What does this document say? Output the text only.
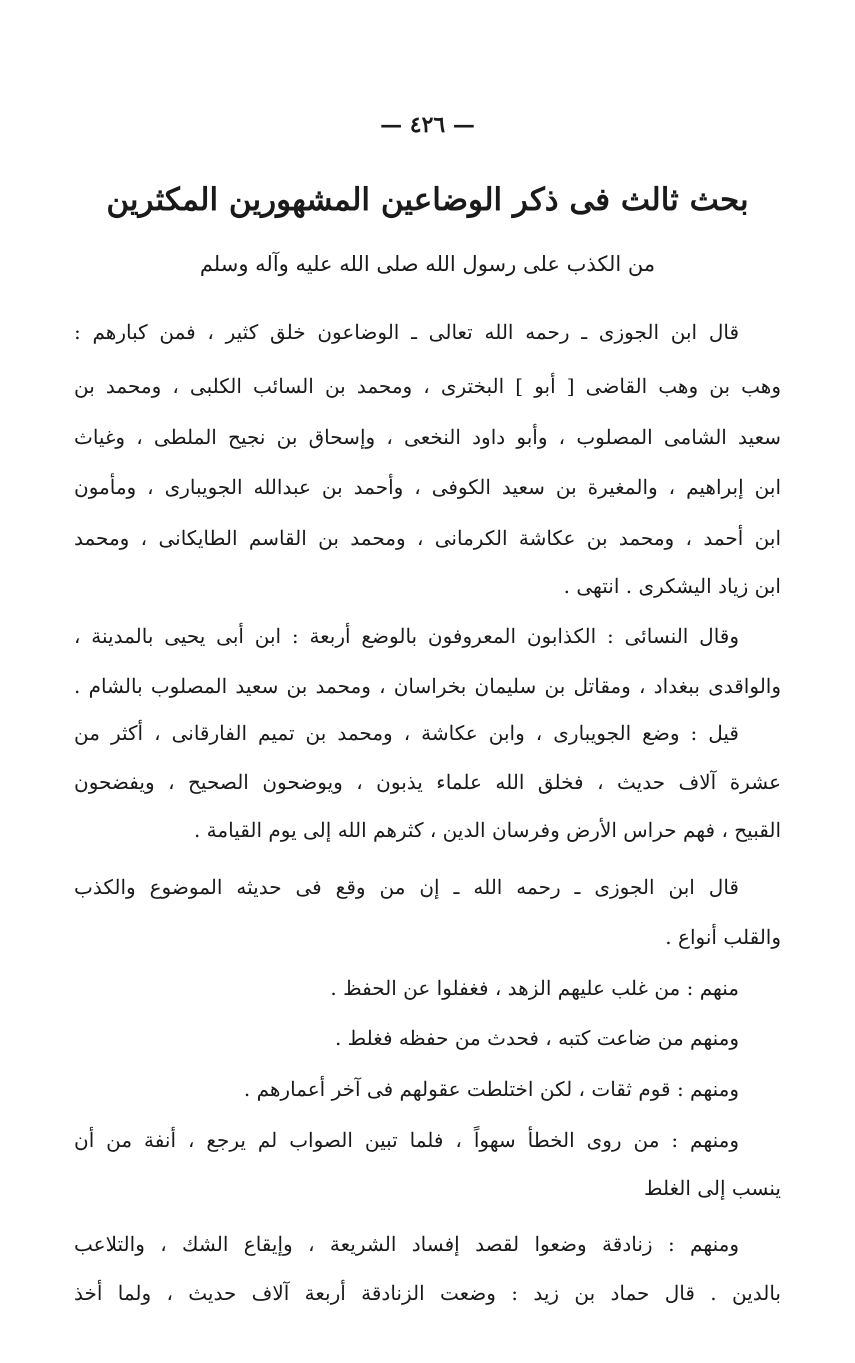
— ٤٢٦ —
بحث ثالث فى ذكر الوضاعين المشهورين المكثرين
من الكذب على رسول الله صلى الله عليه وآله وسلم
قال ابن الجوزى ـ رحمه الله تعالى ـ الوضاعون خلق كثير ، فمن كبارهم :
وهب بن وهب القاضى [ أبو ] البخترى ، ومحمد بن السائب الكلبى ، ومحمد بن
سعيد الشامى المصلوب ، وأبو داود النخعى ، وإسحاق بن نجيح الملطى ، وغياث
ابن إبراهيم ، والمغيرة بن سعيد الكوفى ، وأحمد بن عبدالله الجويبارى ، ومأمون
ابن أحمد ، ومحمد بن عكاشة الكرمانى ، ومحمد بن القاسم الطايكانى ، ومحمد
ابن زياد اليشكرى . انتهى .
وقال النسائى : الكذابون المعروفون بالوضع أربعة : ابن أبى يحيى بالمدينة ،
والواقدى ببغداد ، ومقاتل بن سليمان بخراسان ، ومحمد بن سعيد المصلوب بالشام .
قيل : وضع الجويبارى ، وابن عكاشة ، ومحمد بن تميم الفارقانى ، أكثر من
عشرة آلاف حديث ، فخلق الله علماء يذبون ، ويوضحون الصحيح ، ويفضحون
القبيح ، فهم حراس الأرض وفرسان الدين ، كثرهم الله إلى يوم القيامة .
قال ابن الجوزى ـ رحمه الله ـ إن من وقع فى حديثه الموضوع والكذب
والقلب أنواع .
منهم : من غلب عليهم الزهد ، فغفلوا عن الحفظ .
ومنهم من ضاعت كتبه ، فحدث من حفظه فغلط .
ومنهم : قوم ثقات ، لكن اختلطت عقولهم فى آخر أعمارهم .
ومنهم : من روى الخطأ سهواً ، فلما تبين الصواب لم يرجع ، أنفة من أن
ينسب إلى الغلط
ومنهم : زنادقة وضعوا لقصد إفساد الشريعة ، وإيقاع الشك ، والتلاعب
بالدين . قال حماد بن زيد : وضعت الزنادقة أربعة آلاف حديث ، ولما أخذ
